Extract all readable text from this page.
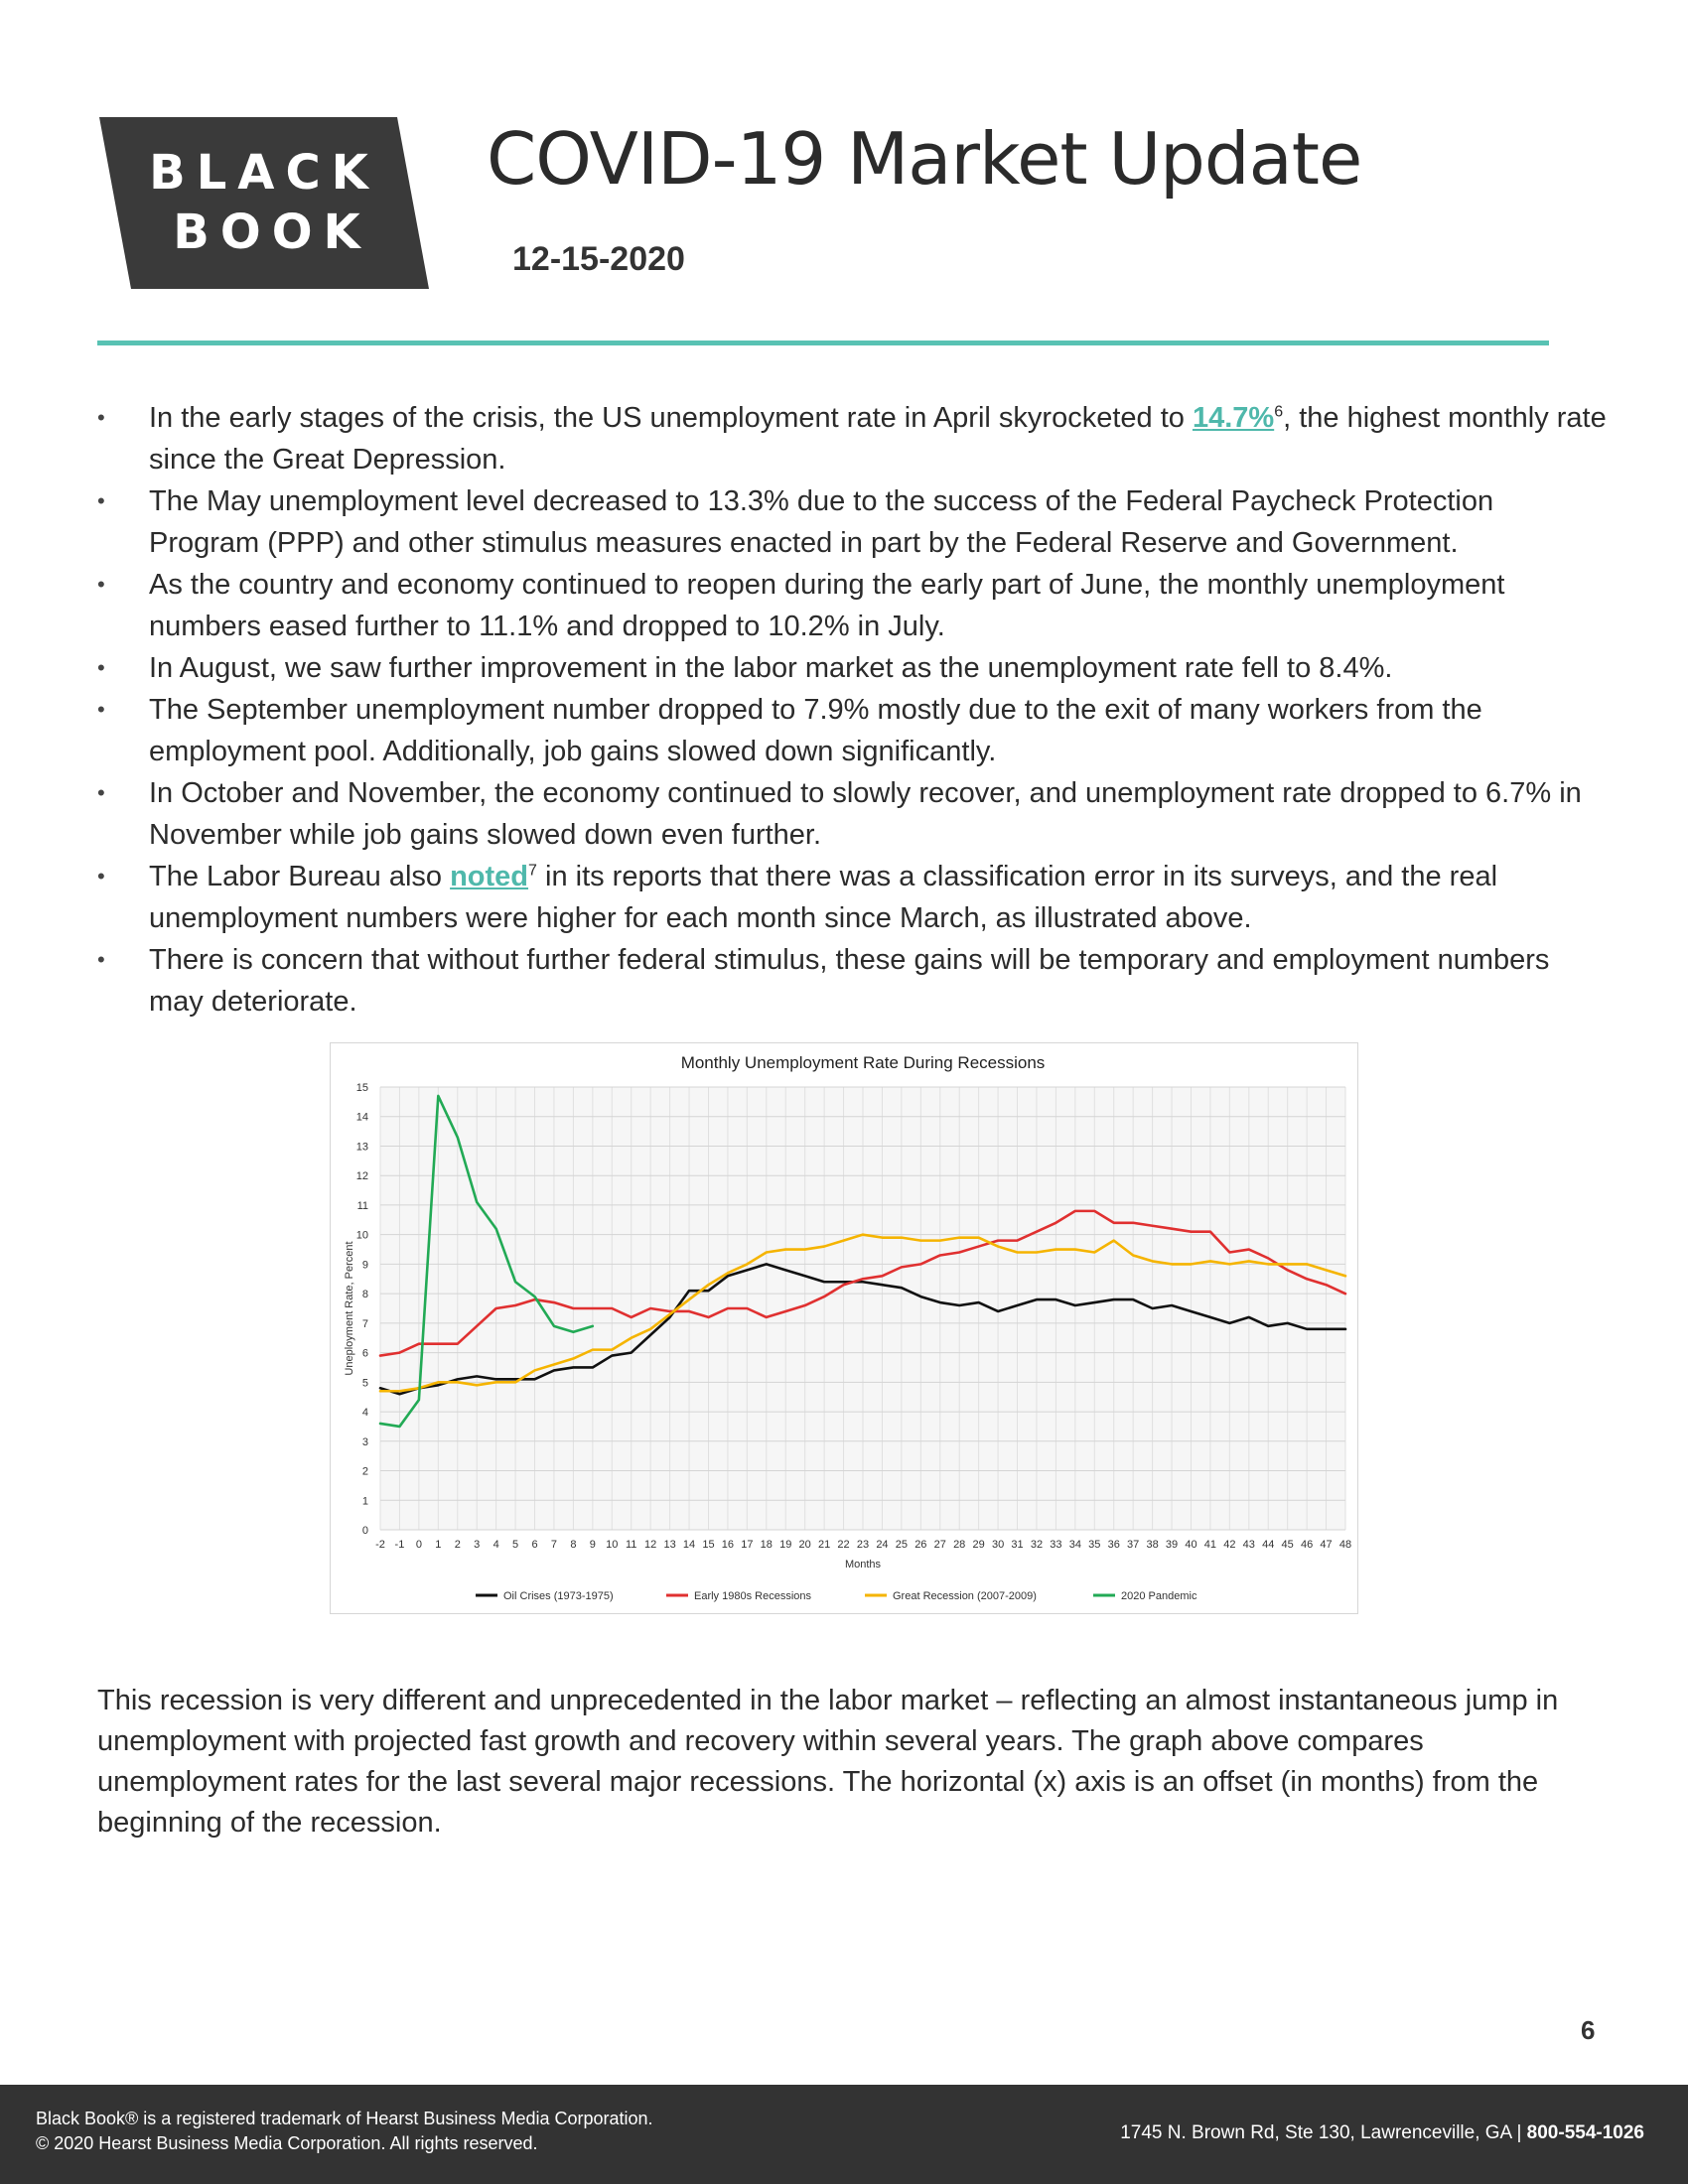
BLACK
BOOK
COVID-19 Market Update
12-15-2020
• In the early stages of the crisis, the US unemployment rate in April skyrocketed to 14.7%$^6$, the highest monthly rate since the Great Depression.
• The May unemployment level decreased to 13.3% due to the success of the Federal Paycheck Protection Program (PPP) and other stimulus measures enacted in part by the Federal Reserve and Government.
• As the country and economy continued to reopen during the early part of June, the monthly unemployment numbers eased further to 11.1% and dropped to 10.2% in July.
• In August, we saw further improvement in the labor market as the unemployment rate fell to 8.4%.
• The September unemployment number dropped to 7.9% mostly due to the exit of many workers from the employment pool. Additionally, job gains slowed down significantly.
• In October and November, the economy continued to slowly recover, and unemployment rate dropped to 6.7% in November while job gains slowed down even further.
• The Labor Bureau also noted$^7$ in its reports that there was a classification error in its surveys, and the real unemployment numbers were higher for each month since March, as illustrated above.
• There is concern that without further federal stimulus, these gains will be temporary and employment numbers may deteriorate.
0
1
2
3
4
5
6
7
8
9
10
11
12
13
14
15
-2 -1 0 1 2 3 4 5 6 7 8 9 10 11 12 13 14 15 16 17 18 19 20 21 22 23 24 25 26 27 28 29 30 31 32 33 34 35 36 37 38 39 40 41 42 43 44 45 46 47 48
Monthly Unemployment Rate During Recessions
Months
Uneployment Rate, Percent
Oil Crises (1973-1975)	Early 1980s Recessions	Great Recession (2007-2009)	2020 Pandemic

This recession is very different and unprecedented in the labor market – reflecting an almost instantaneous jump in unemployment with projected fast growth and recovery within several years. The graph above compares unemployment rates for the last several major recessions. The horizontal (x) axis is an offset (in months) from the beginning of the recession.

6
Black Book® is a registered trademark of Hearst Business Media Corporation.
© 2020 Hearst Business Media Corporation. All rights reserved.	1745 N. Brown Rd, Ste 130, Lawrenceville, GA | 800-554-1026
